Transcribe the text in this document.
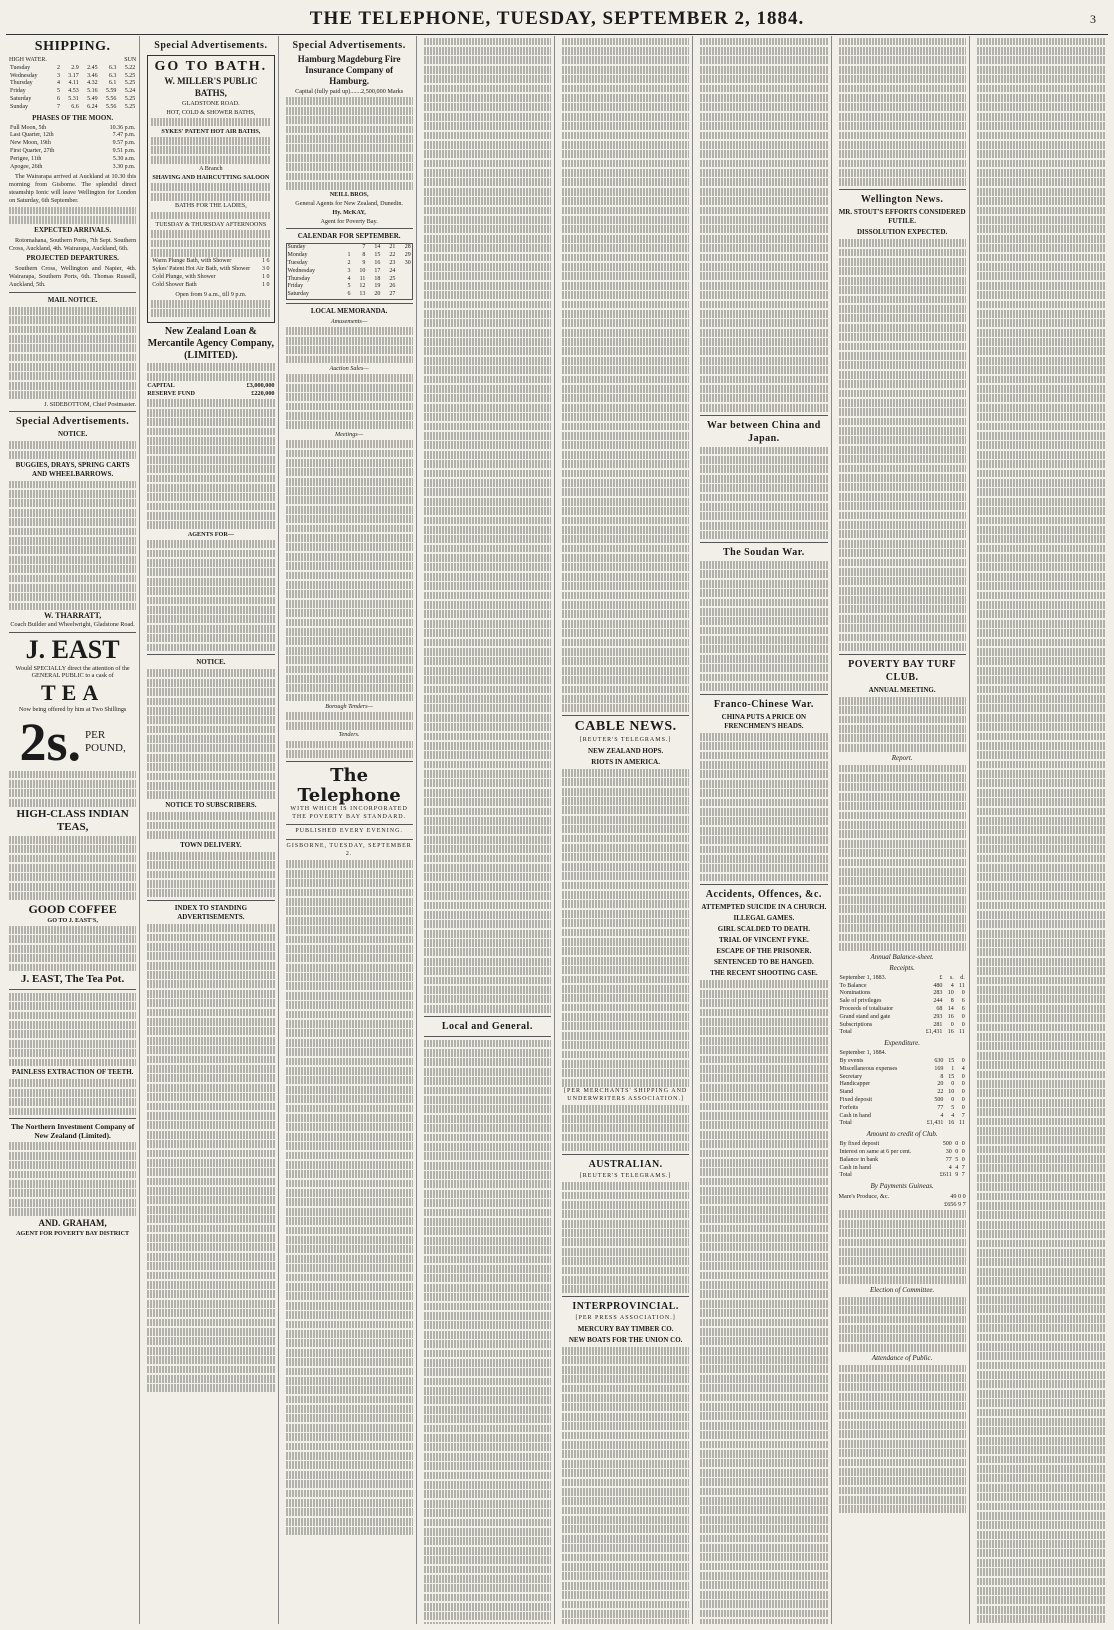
THE TELEPHONE, TUESDAY, SEPTEMBER 2, 1884.	3
SHIPPING.
HIGH WATER.	SUN
Tuesday	2	2.9	2.45	6.3	5.22
Wednesday	3	3.17	3.46	6.3	5.25
Thursday	4	4.11	4.32	6.1	5.25
Friday	5	4.53	5.16	5.59	5.24
Saturday	6	5.31	5.49	5.56	5.25
Sunday	7	6.6	6.24	5.56	5.25
PHASES OF THE MOON.
Full Moon, 5th	10.36 p.m.
Last Quarter, 12th	7.47 p.m.
New Moon, 19th	9.57 p.m.
First Quarter, 27th	9.51 p.m.
Perigee, 11th	5.30 a.m.
Apogee, 26th	3.30 p.m.

The Wairarapa arrived at Auckland at 10.30 this morning from Gisborne. The splendid direct steamship Ionic will leave Wellington for London on Saturday, 6th September.

EXPECTED ARRIVALS.

Rotomahana, Southern Ports, 7th Sept. Southern Cross, Auckland, 4th. Wairarapa, Auckland, 6th.

PROJECTED DEPARTURES.

Southern Cross, Wellington and Napier, 4th. Wairarapa, Southern Ports, 6th. Thomas Russell, Auckland, 5th.

MAIL NOTICE.
J. SIDEBOTTOM, Chief Postmaster.
Special Advertisements.
NOTICE.
BUGGIES, DRAYS, SPRING CARTS AND WHEELBARROWS.
W. THARRATT,
Coach Builder and Wheelwright, Gladstone Road.
J. EAST
Would SPECIALLY direct the attention of the GENERAL PUBLIC to a cask of
TEA
Now being offered by him at Two Shillings
2s. PER
POUND,
HIGH-CLASS INDIAN TEAS,
GOOD COFFEE
GO TO J. EAST'S,
J. EAST, The Tea Pot.
PAINLESS EXTRACTION OF TEETH.
The Northern Investment Company of New Zealand (Limited).
AND. GRAHAM,
AGENT FOR POVERTY BAY DISTRICT
Special Advertisements.
GO TO BATH.
W. MILLER'S PUBLIC BATHS,
GLADSTONE ROAD.
HOT, COLD & SHOWER BATHS,
SYKES' PATENT HOT AIR BATHS,
A Branch
SHAVING AND HAIRCUTTING SALOON
BATHS FOR THE LADIES,
TUESDAY & THURSDAY AFTERNOONS
Warm Plunge Bath, with Shower	1 6
Sykes' Patent Hot Air Bath, with Shower	3 0
Cold Plunge, with Shower	1 0
Cold Shower Bath	1 0
Open from 9 a.m., till 9 p.m.
New Zealand Loan & Mercantile Agency Company, (LIMITED).
CAPITAL	£3,000,000
RESERVE FUND	£220,000
AGENTS FOR—
NOTICE.
NOTICE TO SUBSCRIBERS.
TOWN DELIVERY.
INDEX TO STANDING ADVERTISEMENTS.
Special Advertisements.
Hamburg Magdeburg Fire Insurance Company of Hamburg.
Capital (fully paid up).......2,500,000 Marks
NEILL BROS,
General Agents for New Zealand, Dunedin.
Hy. McKAY,
Agent for Poverty Bay.
CALENDAR FOR SEPTEMBER.
Sunday		7	14	21	28
Monday	1	8	15	22	29
Tuesday	2	9	16	23	30
Wednesday	3	10	17	24	
Thursday	4	11	18	25	
Friday	5	12	19	26	
Saturday	6	13	20	27	
LOCAL MEMORANDA.
Amusements—
Auction Sales—
Meetings—
Borough Tenders—
Tenders.
The Telephone
WITH WHICH IS INCORPORATED THE POVERTY BAY STANDARD.
PUBLISHED EVERY EVENING.
GISBORNE, TUESDAY, SEPTEMBER 2.
Local and General.
CABLE NEWS.
[REUTER'S TELEGRAMS.]
NEW ZEALAND HOPS.
RIOTS IN AMERICA.
[PER MERCHANTS' SHIPPING AND UNDERWRITERS ASSOCIATION.]
AUSTRALIAN.
[REUTER'S TELEGRAMS.]
INTERPROVINCIAL.
[PER PRESS ASSOCIATION.]
MERCURY BAY TIMBER CO.
NEW BOATS FOR THE UNION CO.
War between China and Japan.
The Soudan War.
Franco-Chinese War.
CHINA PUTS A PRICE ON FRENCHMEN'S HEADS.
Accidents, Offences, &c.
ATTEMPTED SUICIDE IN A CHURCH.
ILLEGAL GAMES.
GIRL SCALDED TO DEATH.
TRIAL OF VINCENT FYKE.
ESCAPE OF THE PRISONER.
SENTENCED TO BE HANGED.
THE RECENT SHOOTING CASE.
Wellington News.
MR. STOUT'S EFFORTS CONSIDERED FUTILE.
DISSOLUTION EXPECTED.
POVERTY BAY TURF CLUB.
ANNUAL MEETING.
Report.
Annual Balance-sheet.
Receipts.
September 1, 1883.	£	s.	d.
To Balance	480	4	11
Nominations	283	10	0
Sale of privileges	244	8	6
Proceeds of totalisator	68	14	6
Grand stand and gate	293	16	0
Subscriptions	281	0	0
Total	£1,431	16	11
Expenditure.
September 1, 1884.			
By events	630	15	0
Miscellaneous expenses	169	1	4
Secretary	8	15	0
Handicapper	20	0	0
Stand	22	10	0
Fixed deposit	500	0	0
Forfeits	77	5	0
Cash in hand	4	4	7
Total	£1,431	16	11
Amount to credit of Club.
By fixed deposit	500	0	0
Interest on same at 6 per cent.	30	0	0
Balance in bank	77	5	0
Cash in hand	4	4	7
Total	£611	9	7
By Payments Guineas.
Mare's Produce, &c.	49 0 0
£656 9 7
Election of Committee.
Attendance of Public.
